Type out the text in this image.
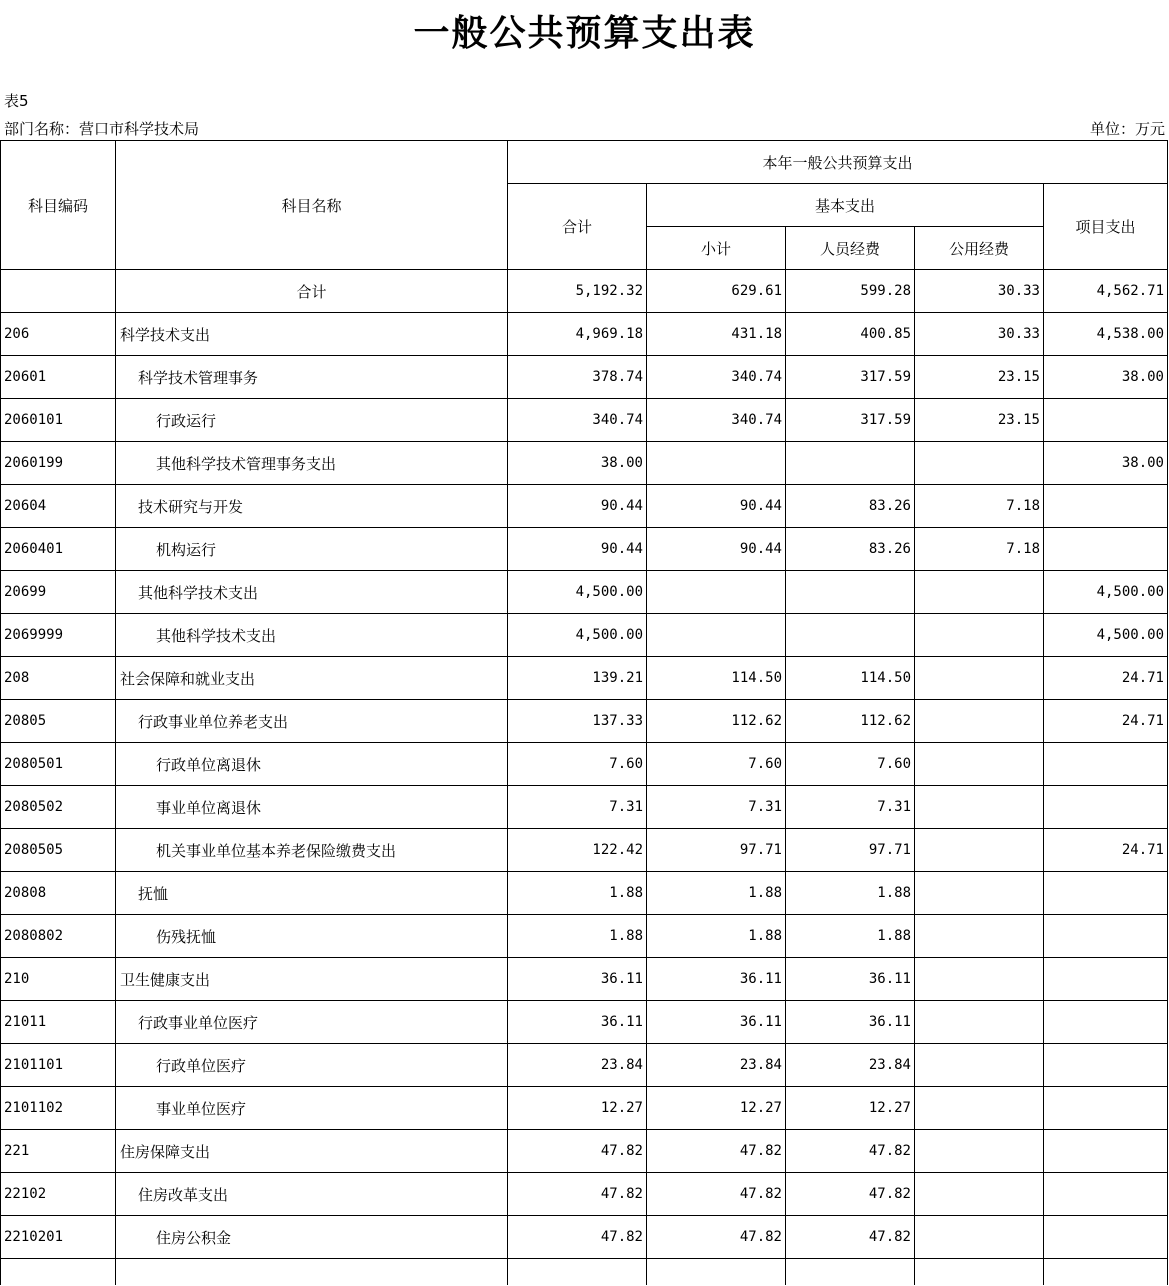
一般公共预算支出表
表5
部门名称：营口市科学技术局	单位：万元
科目编码	科目名称	本年一般公共预算支出				
		合计	基本支出			项目支出
			小计	人员经费	公用经费	
	合计	5,192.32	629.61	599.28	30.33	4,562.71
206	科学技术支出	4,969.18	431.18	400.85	30.33	4,538.00
20601	科学技术管理事务	378.74	340.74	317.59	23.15	38.00
2060101	行政运行	340.74	340.74	317.59	23.15	
2060199	其他科学技术管理事务支出	38.00				38.00
20604	技术研究与开发	90.44	90.44	83.26	7.18	
2060401	机构运行	90.44	90.44	83.26	7.18	
20699	其他科学技术支出	4,500.00				4,500.00
2069999	其他科学技术支出	4,500.00				4,500.00
208	社会保障和就业支出	139.21	114.50	114.50		24.71
20805	行政事业单位养老支出	137.33	112.62	112.62		24.71
2080501	行政单位离退休	7.60	7.60	7.60		
2080502	事业单位离退休	7.31	7.31	7.31		
2080505	机关事业单位基本养老保险缴费支出	122.42	97.71	97.71		24.71
20808	抚恤	1.88	1.88	1.88		
2080802	伤残抚恤	1.88	1.88	1.88		
210	卫生健康支出	36.11	36.11	36.11		
21011	行政事业单位医疗	36.11	36.11	36.11		
2101101	行政单位医疗	23.84	23.84	23.84		
2101102	事业单位医疗	12.27	12.27	12.27		
221	住房保障支出	47.82	47.82	47.82		
22102	住房改革支出	47.82	47.82	47.82		
2210201	住房公积金	47.82	47.82	47.82		
